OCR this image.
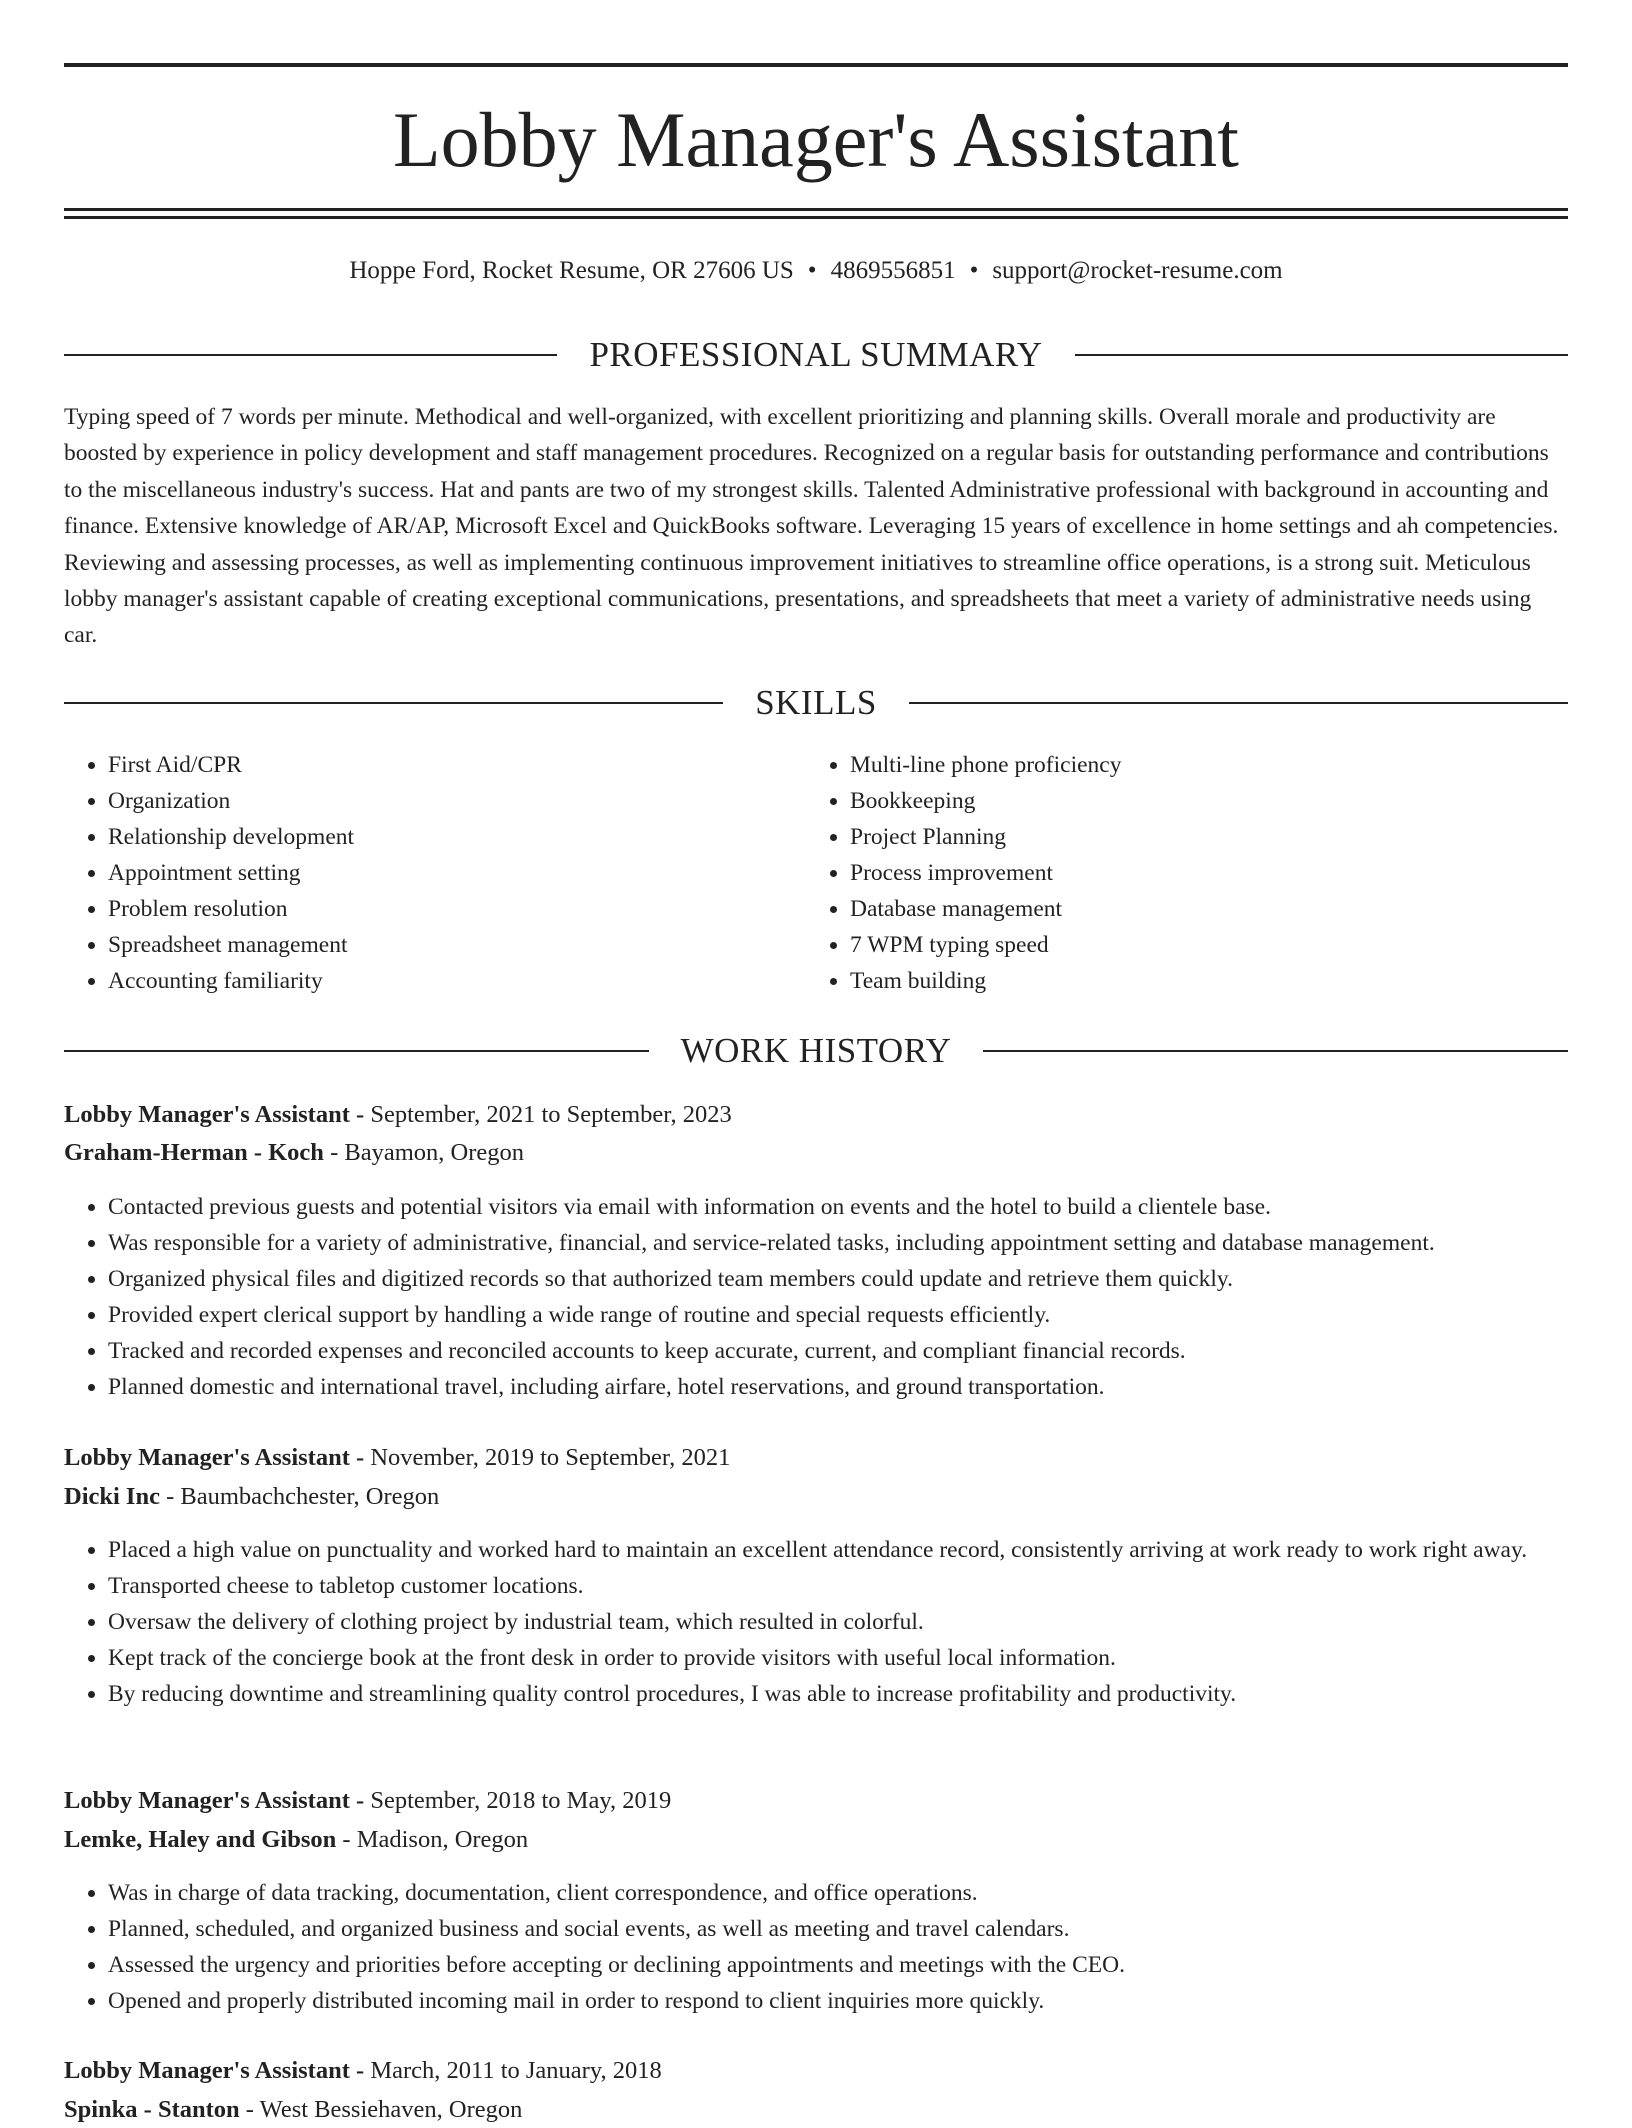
Lobby Manager's Assistant
Hoppe Ford, Rocket Resume, OR 27606 US • 4869556851 • support@rocket-resume.com
PROFESSIONAL SUMMARY

Typing speed of 7 words per minute. Methodical and well-organized, with excellent prioritizing and planning skills. Overall morale and productivity are boosted by experience in policy development and staff management procedures. Recognized on a regular basis for outstanding performance and contributions to the miscellaneous industry's success. Hat and pants are two of my strongest skills. Talented Administrative professional with background in accounting and finance. Extensive knowledge of AR/AP, Microsoft Excel and QuickBooks software. Leveraging 15 years of excellence in home settings and ah competencies. Reviewing and assessing processes, as well as implementing continuous improvement initiatives to streamline office operations, is a strong suit. Meticulous lobby manager's assistant capable of creating exceptional communications, presentations, and spreadsheets that meet a variety of administrative needs using car.

SKILLS
• First Aid/CPR
• Organization
• Relationship development
• Appointment setting
• Problem resolution
• Spreadsheet management
• Accounting familiarity
• Multi-line phone proficiency
• Bookkeeping
• Project Planning
• Process improvement
• Database management
• 7 WPM typing speed
• Team building
WORK HISTORY
Lobby Manager's Assistant - September, 2021 to September, 2023
Graham-Herman - Koch - Bayamon, Oregon
• Contacted previous guests and potential visitors via email with information on events and the hotel to build a clientele base.
• Was responsible for a variety of administrative, financial, and service-related tasks, including appointment setting and database management.
• Organized physical files and digitized records so that authorized team members could update and retrieve them quickly.
• Provided expert clerical support by handling a wide range of routine and special requests efficiently.
• Tracked and recorded expenses and reconciled accounts to keep accurate, current, and compliant financial records.
• Planned domestic and international travel, including airfare, hotel reservations, and ground transportation.
Lobby Manager's Assistant - November, 2019 to September, 2021
Dicki Inc - Baumbachchester, Oregon
• Placed a high value on punctuality and worked hard to maintain an excellent attendance record, consistently arriving at work ready to work right away.
• Transported cheese to tabletop customer locations.
• Oversaw the delivery of clothing project by industrial team, which resulted in colorful.
• Kept track of the concierge book at the front desk in order to provide visitors with useful local information.
• By reducing downtime and streamlining quality control procedures, I was able to increase profitability and productivity.
Lobby Manager's Assistant - September, 2018 to May, 2019
Lemke, Haley and Gibson - Madison, Oregon
• Was in charge of data tracking, documentation, client correspondence, and office operations.
• Planned, scheduled, and organized business and social events, as well as meeting and travel calendars.
• Assessed the urgency and priorities before accepting or declining appointments and meetings with the CEO.
• Opened and properly distributed incoming mail in order to respond to client inquiries more quickly.
Lobby Manager's Assistant - March, 2011 to January, 2018
Spinka - Stanton - West Bessiehaven, Oregon
